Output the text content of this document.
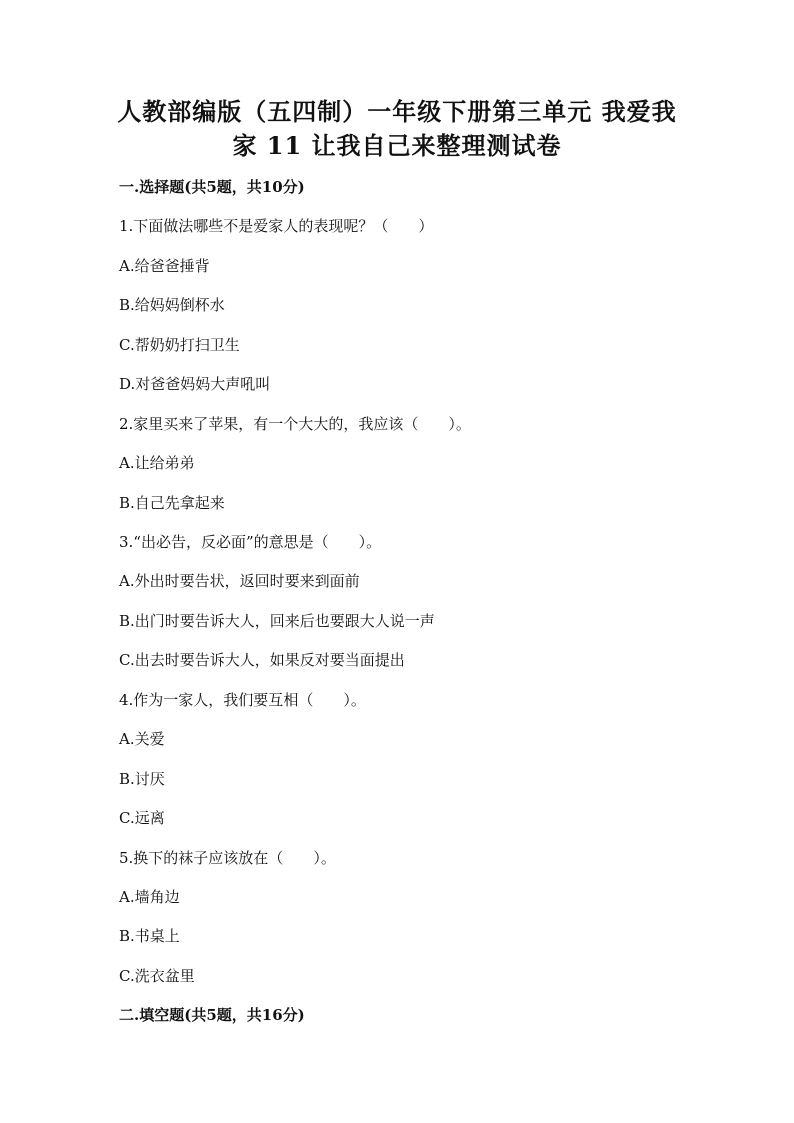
人教部编版（五四制）一年级下册第三单元 我爱我
家 11 让我自己来整理测试卷
一.选择题(共5题，共10分)
1.下面做法哪些不是爱家人的表现呢？（　　）
A.给爸爸捶背
B.给妈妈倒杯水
C.帮奶奶打扫卫生
D.对爸爸妈妈大声吼叫
2.家里买来了苹果，有一个大大的，我应该（　　）。
A.让给弟弟
B.自己先拿起来
3.“出必告，反必面”的意思是（　　）。
A.外出时要告状，返回时要来到面前
B.出门时要告诉大人，回来后也要跟大人说一声
C.出去时要告诉大人，如果反对要当面提出
4.作为一家人，我们要互相（　　）。
A.关爱
B.讨厌
C.远离
5.换下的袜子应该放在（　　）。
A.墙角边
B.书桌上
C.洗衣盆里
二.填空题(共5题，共16分)
